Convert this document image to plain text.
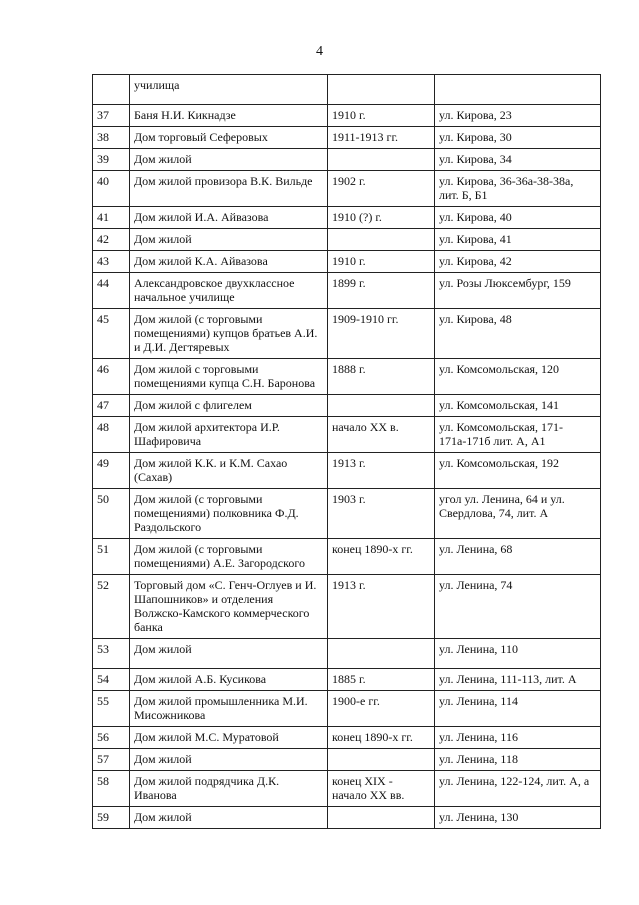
4
	училища		
37	Баня Н.И. Кикнадзе	1910 г.	ул. Кирова, 23
38	Дом торговый Сеферовых	1911-1913 гг.	ул. Кирова, 30
39	Дом жилой		ул. Кирова, 34
40	Дом жилой провизора В.К. Вильде	1902 г.	ул. Кирова, 36-36а-38-38а, лит. Б, Б1
41	Дом жилой И.А. Айвазова	1910 (?) г.	ул. Кирова, 40
42	Дом жилой		ул. Кирова, 41
43	Дом жилой К.А. Айвазова	1910 г.	ул. Кирова, 42
44	Александровское двухклассное начальное училище	1899 г.	ул. Розы Люксембург, 159
45	Дом жилой (с торговыми помещениями) купцов братьев А.И. и Д.И. Дегтяревых	1909-1910 гг.	ул. Кирова, 48
46	Дом жилой с торговыми помещениями купца С.Н. Баронова	1888 г.	ул. Комсомольская, 120
47	Дом жилой с флигелем		ул. Комсомольская, 141
48	Дом жилой архитектора И.Р. Шафировича	начало XX в.	ул. Комсомольская, 171-171а-171б лит. А, А1
49	Дом жилой К.К. и К.М. Сахао (Сахав)	1913 г.	ул. Комсомольская, 192
50	Дом жилой (с торговыми помещениями) полковника Ф.Д. Раздольского	1903 г.	угол ул. Ленина, 64 и ул. Свердлова, 74, лит. А
51	Дом жилой (с торговыми помещениями) А.Е. Загородского	конец 1890-х гг.	ул. Ленина, 68
52	Торговый дом «С. Генч-Оглуев и И. Шапошников» и отделения Волжско-Камского коммерческого банка	1913 г.	ул. Ленина, 74
53	Дом жилой		ул. Ленина, 110
54	Дом жилой А.Б. Кусикова	1885 г.	ул. Ленина, 111-113, лит. А
55	Дом жилой промышленника М.И. Мисожникова	1900-е гг.	ул. Ленина, 114
56	Дом жилой М.С. Муратовой	конец 1890-х гг.	ул. Ленина, 116
57	Дом жилой		ул. Ленина, 118
58	Дом жилой подрядчика Д.К. Иванова	конец XIX - начало XX вв.	ул. Ленина, 122-124, лит. А, а
59	Дом жилой		ул. Ленина, 130
